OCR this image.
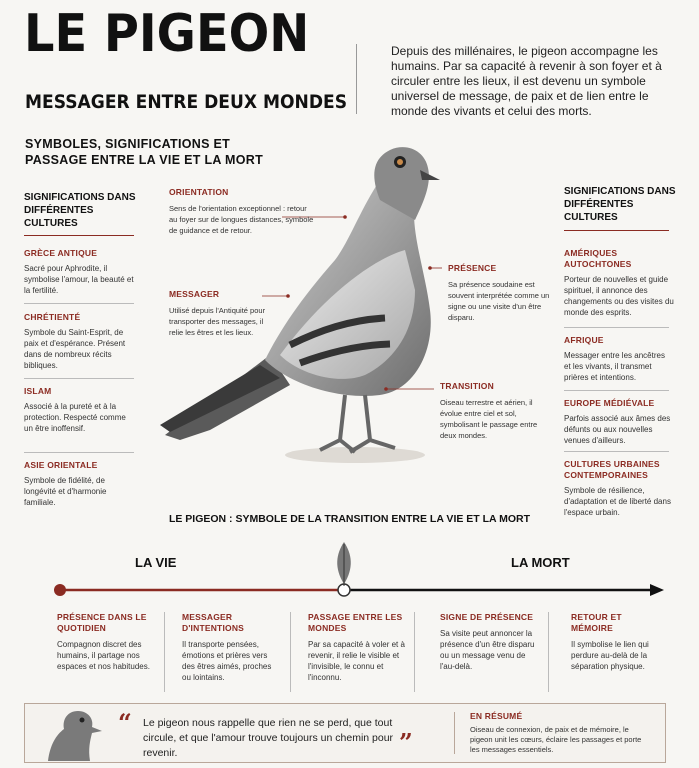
LE PIGEON
MESSAGER ENTRE DEUX MONDES
Depuis des millénaires, le pigeon accompagne les humains. Par sa capacité à revenir à son foyer et à circuler entre les lieux, il est devenu un symbole universel de message, de paix et de lien entre le monde des vivants et celui des morts.
SYMBOLES, SIGNIFICATIONS ET PASSAGE ENTRE LA VIE ET LA MORT
SIGNIFICATIONS DANS DIFFÉRENTES CULTURES
GRÈCE ANTIQUE
Sacré pour Aphrodite, il symbolise l'amour, la beauté et la fertilité.
CHRÉTIENTÉ
Symbole du Saint-Esprit, de paix et d'espérance. Présent dans de nombreux récits bibliques.
ISLAM
Associé à la pureté et à la protection. Respecté comme un être inoffensif.
ASIE ORIENTALE
Symbole de fidélité, de longévité et d'harmonie familiale.
SIGNIFICATIONS DANS DIFFÉRENTES CULTURES
AMÉRIQUES AUTOCHTONES
Porteur de nouvelles et guide spirituel, il annonce des changements ou des visites du monde des esprits.
AFRIQUE
Messager entre les ancêtres et les vivants, il transmet prières et intentions.
EUROPE MÉDIÉVALE
Parfois associé aux âmes des défunts ou aux nouvelles venues d'ailleurs.
CULTURES URBAINES CONTEMPORAINES
Symbole de résilience, d'adaptation et de liberté dans l'espace urbain.
ORIENTATION
Sens de l'orientation exceptionnel : retour au foyer sur de longues distances, symbole de guidance et de retour.
MESSAGER
Utilisé depuis l'Antiquité pour transporter des messages, il relie les êtres et les lieux.
PRÉSENCE
Sa présence soudaine est souvent interprétée comme un signe ou une visite d'un être disparu.
TRANSITION
Oiseau terrestre et aérien, il évolue entre ciel et sol, symbolisant le passage entre deux mondes.
LE PIGEON : SYMBOLE DE LA TRANSITION ENTRE LA VIE ET LA MORT
LA VIE	LA MORT
PRÉSENCE DANS LE QUOTIDIEN
Compagnon discret des humains, il partage nos espaces et nos habitudes.
MESSAGER D'INTENTIONS
Il transporte pensées, émotions et prières vers des êtres aimés, proches ou lointains.
PASSAGE ENTRE LES MONDES
Par sa capacité à voler et à revenir, il relie le visible et l'invisible, le connu et l'inconnu.
SIGNE DE PRÉSENCE
Sa visite peut annoncer la présence d'un être disparu ou un message venu de l'au-delà.
RETOUR ET MÉMOIRE
Il symbolise le lien qui perdure au-delà de la séparation physique.
“ Le pigeon nous rappelle que rien ne se perd, que tout circule, et que l'amour trouve toujours un chemin pour revenir.	”
EN RÉSUMÉ
Oiseau de connexion, de paix et de mémoire, le pigeon unit les cœurs, éclaire les passages et porte les messages essentiels.
